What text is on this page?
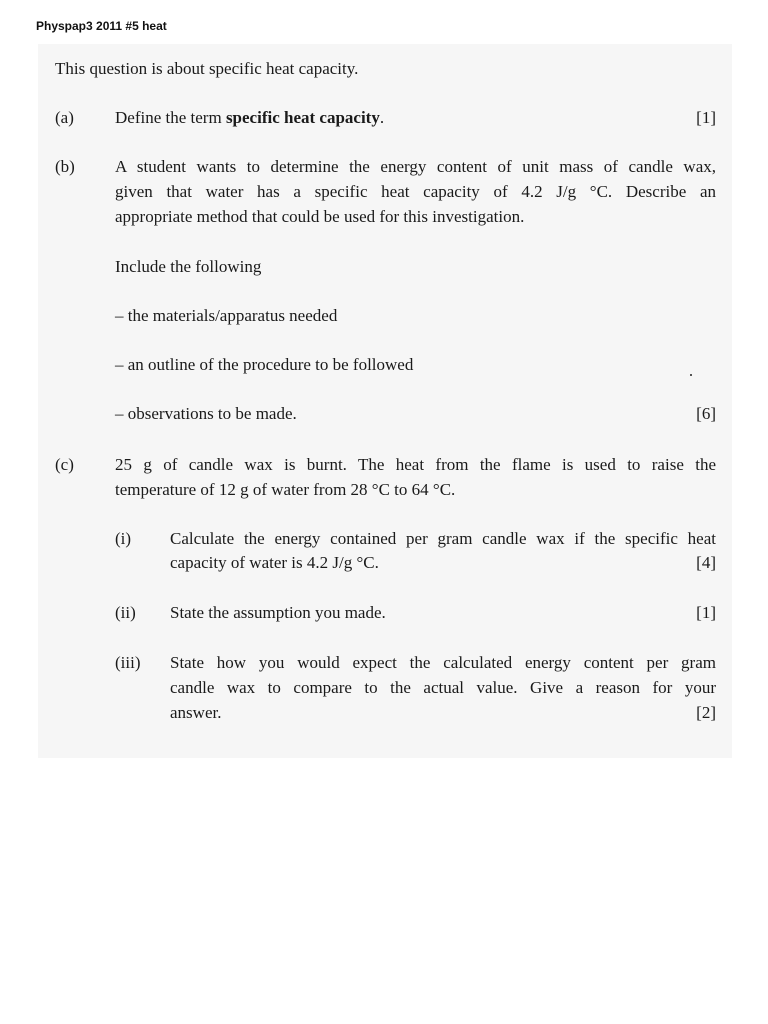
Physpap3 2011 #5 heat
This question is about specific heat capacity.
(a) Define the term specific heat capacity.	[1]
(b) A student wants to determine the energy content of unit mass of candle wax,
given that water has a specific heat capacity of 4.2 J/g °C. Describe an
appropriate method that could be used for this investigation.
Include the following
– the materials/apparatus needed
– an outline of the procedure to be followed
– observations to be made.	[6]
(c) 25 g of candle wax is burnt. The heat from the flame is used to raise the
temperature of 12 g of water from 28 °C to 64 °C.
(i) Calculate the energy contained per gram candle wax if the specific heat
capacity of water is 4.2 J/g °C.	[4]
(ii) State the assumption you made.	[1]
(iii) State how you would expect the calculated energy content per gram
candle wax to compare to the actual value. Give a reason for your
answer.	[2]
